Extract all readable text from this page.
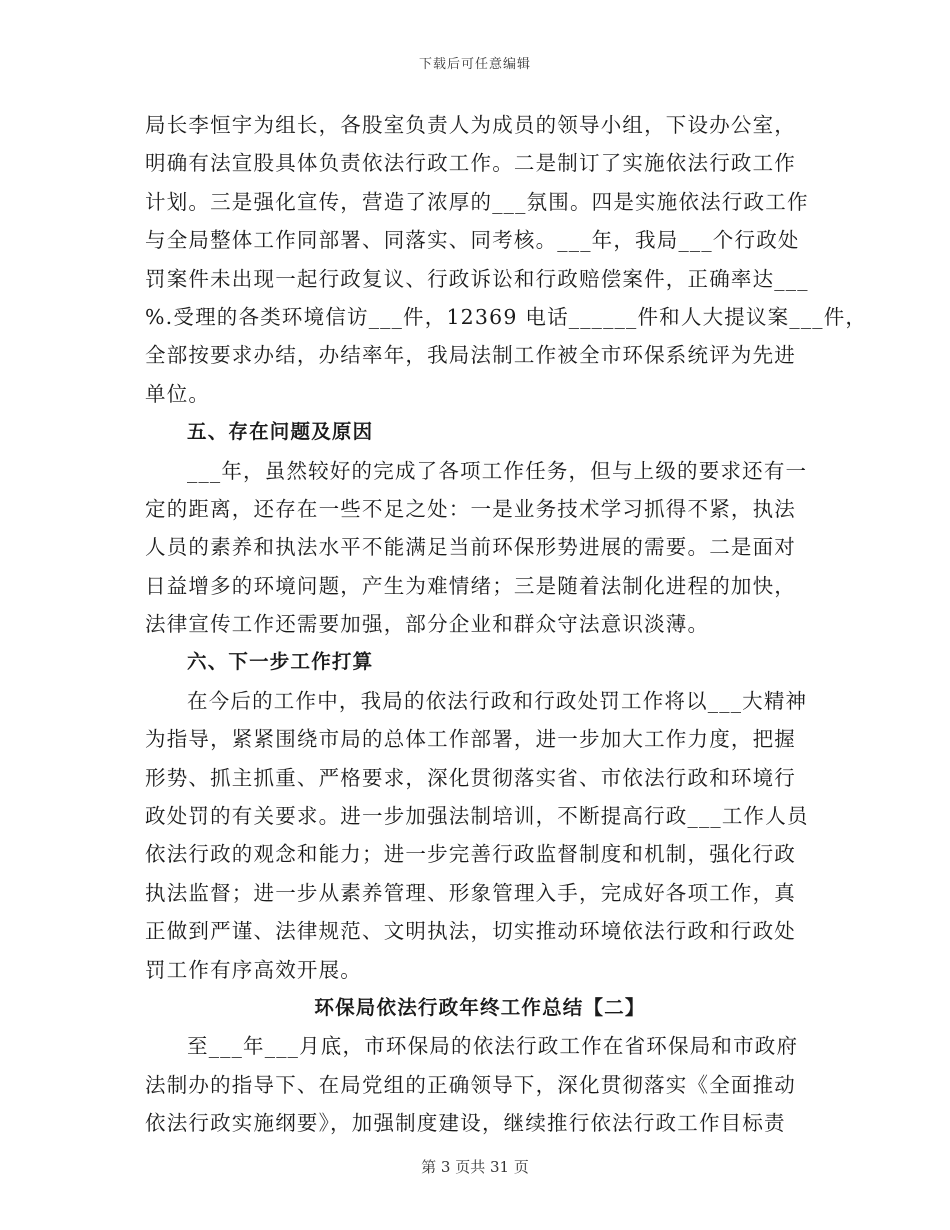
下载后可任意编辑
局长李恒宇为组长，各股室负责人为成员的领导小组，下设办公室，
明确有法宣股具体负责依法行政工作。二是制订了实施依法行政工作
计划。三是强化宣传，营造了浓厚的___氛围。四是实施依法行政工作
与全局整体工作同部署、同落实、同考核。___年，我局___个行政处
罚案件未出现一起行政复议、行政诉讼和行政赔偿案件，正确率达___
%.受理的各类环境信访___件，12369 电话______件和人大提议案___件，
全部按要求办结，办结率年，我局法制工作被全市环保系统评为先进
单位。
五、存在问题及原因
___年，虽然较好的完成了各项工作任务，但与上级的要求还有一
定的距离，还存在一些不足之处：一是业务技术学习抓得不紧，执法
人员的素养和执法水平不能满足当前环保形势进展的需要。二是面对
日益增多的环境问题，产生为难情绪；三是随着法制化进程的加快，
法律宣传工作还需要加强，部分企业和群众守法意识淡薄。
六、下一步工作打算
在今后的工作中，我局的依法行政和行政处罚工作将以___大精神
为指导，紧紧围绕市局的总体工作部署，进一步加大工作力度，把握
形势、抓主抓重、严格要求，深化贯彻落实省、市依法行政和环境行
政处罚的有关要求。进一步加强法制培训，不断提高行政___工作人员
依法行政的观念和能力；进一步完善行政监督制度和机制，强化行政
执法监督；进一步从素养管理、形象管理入手，完成好各项工作，真
正做到严谨、法律规范、文明执法，切实推动环境依法行政和行政处
罚工作有序高效开展。
环保局依法行政年终工作总结【二】
至___年___月底，市环保局的依法行政工作在省环保局和市政府
法制办的指导下、在局党组的正确领导下，深化贯彻落实《全面推动
依法行政实施纲要》，加强制度建设，继续推行依法行政工作目标责
第 3 页共 31 页
